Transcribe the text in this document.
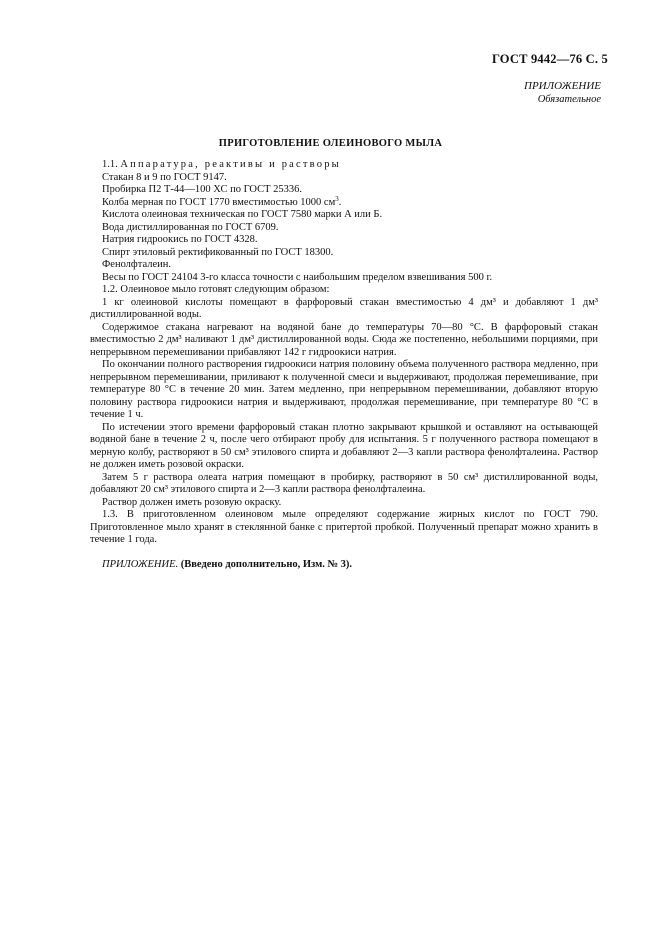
ГОСТ 9442—76 С. 5
ПРИЛОЖЕНИЕ
Обязательное
ПРИГОТОВЛЕНИЕ ОЛЕИНОВОГО МЫЛА

1.1. Аппаратура, реактивы и растворы

Стакан 8 и 9 по ГОСТ 9147.

Пробирка П2 Т-44—100 ХС по ГОСТ 25336.

Колба мерная по ГОСТ 1770 вместимостью 1000 $см^3$.

Кислота олеиновая техническая по ГОСТ 7580 марки А или Б.

Вода дистиллированная по ГОСТ 6709.

Натрия гидроокись по ГОСТ 4328.

Спирт этиловый ректификованный по ГОСТ 18300.

Фенолфталеин.

Весы по ГОСТ 24104 3-го класса точности с наибольшим пределом взвешивания 500 г.

1.2. Олеиновое мыло готовят следующим образом:

1 кг олеиновой кислоты помещают в фарфоровый стакан вместимостью 4 дм³ и добавляют 1 дм³ дистиллированной воды.

Содержимое стакана нагревают на водяной бане до температуры 70—80 °С. В фарфоровый стакан вместимостью 2 дм³ наливают 1 дм³ дистиллированной воды. Сюда же постепенно, небольшими порциями, при непрерывном перемешивании прибавляют 142 г гидроокиси натрия.

По окончании полного растворения гидроокиси натрия половину объема полученного раствора медленно, при непрерывном перемешивании, приливают к полученной смеси и выдерживают, продолжая перемешивание, при температуре 80 °С в течение 20 мин. Затем медленно, при непрерывном перемешивании, добавляют вторую половину раствора гидроокиси натрия и выдерживают, продолжая перемешивание, при температуре 80 °С в течение 1 ч.

По истечении этого времени фарфоровый стакан плотно закрывают крышкой и оставляют на остывающей водяной бане в течение 2 ч, после чего отбирают пробу для испытания. 5 г полученного раствора помещают в мерную колбу, растворяют в 50 см³ этилового спирта и добавляют 2—3 капли раствора фенолфталеина. Раствор не должен иметь розовой окраски.

Затем 5 г раствора олеата натрия помещают в пробирку, растворяют в 50 см³ дистиллированной воды, добавляют 20 см³ этилового спирта и 2—3 капли раствора фенолфталеина.

Раствор должен иметь розовую окраску.

1.3. В приготовленном олеиновом мыле определяют содержание жирных кислот по ГОСТ 790. Приготовленное мыло хранят в стеклянной банке с притертой пробкой. Полученный препарат можно хранить в течение 1 года.

ПРИЛОЖЕНИЕ. (Введено дополнительно, Изм. № 3).
